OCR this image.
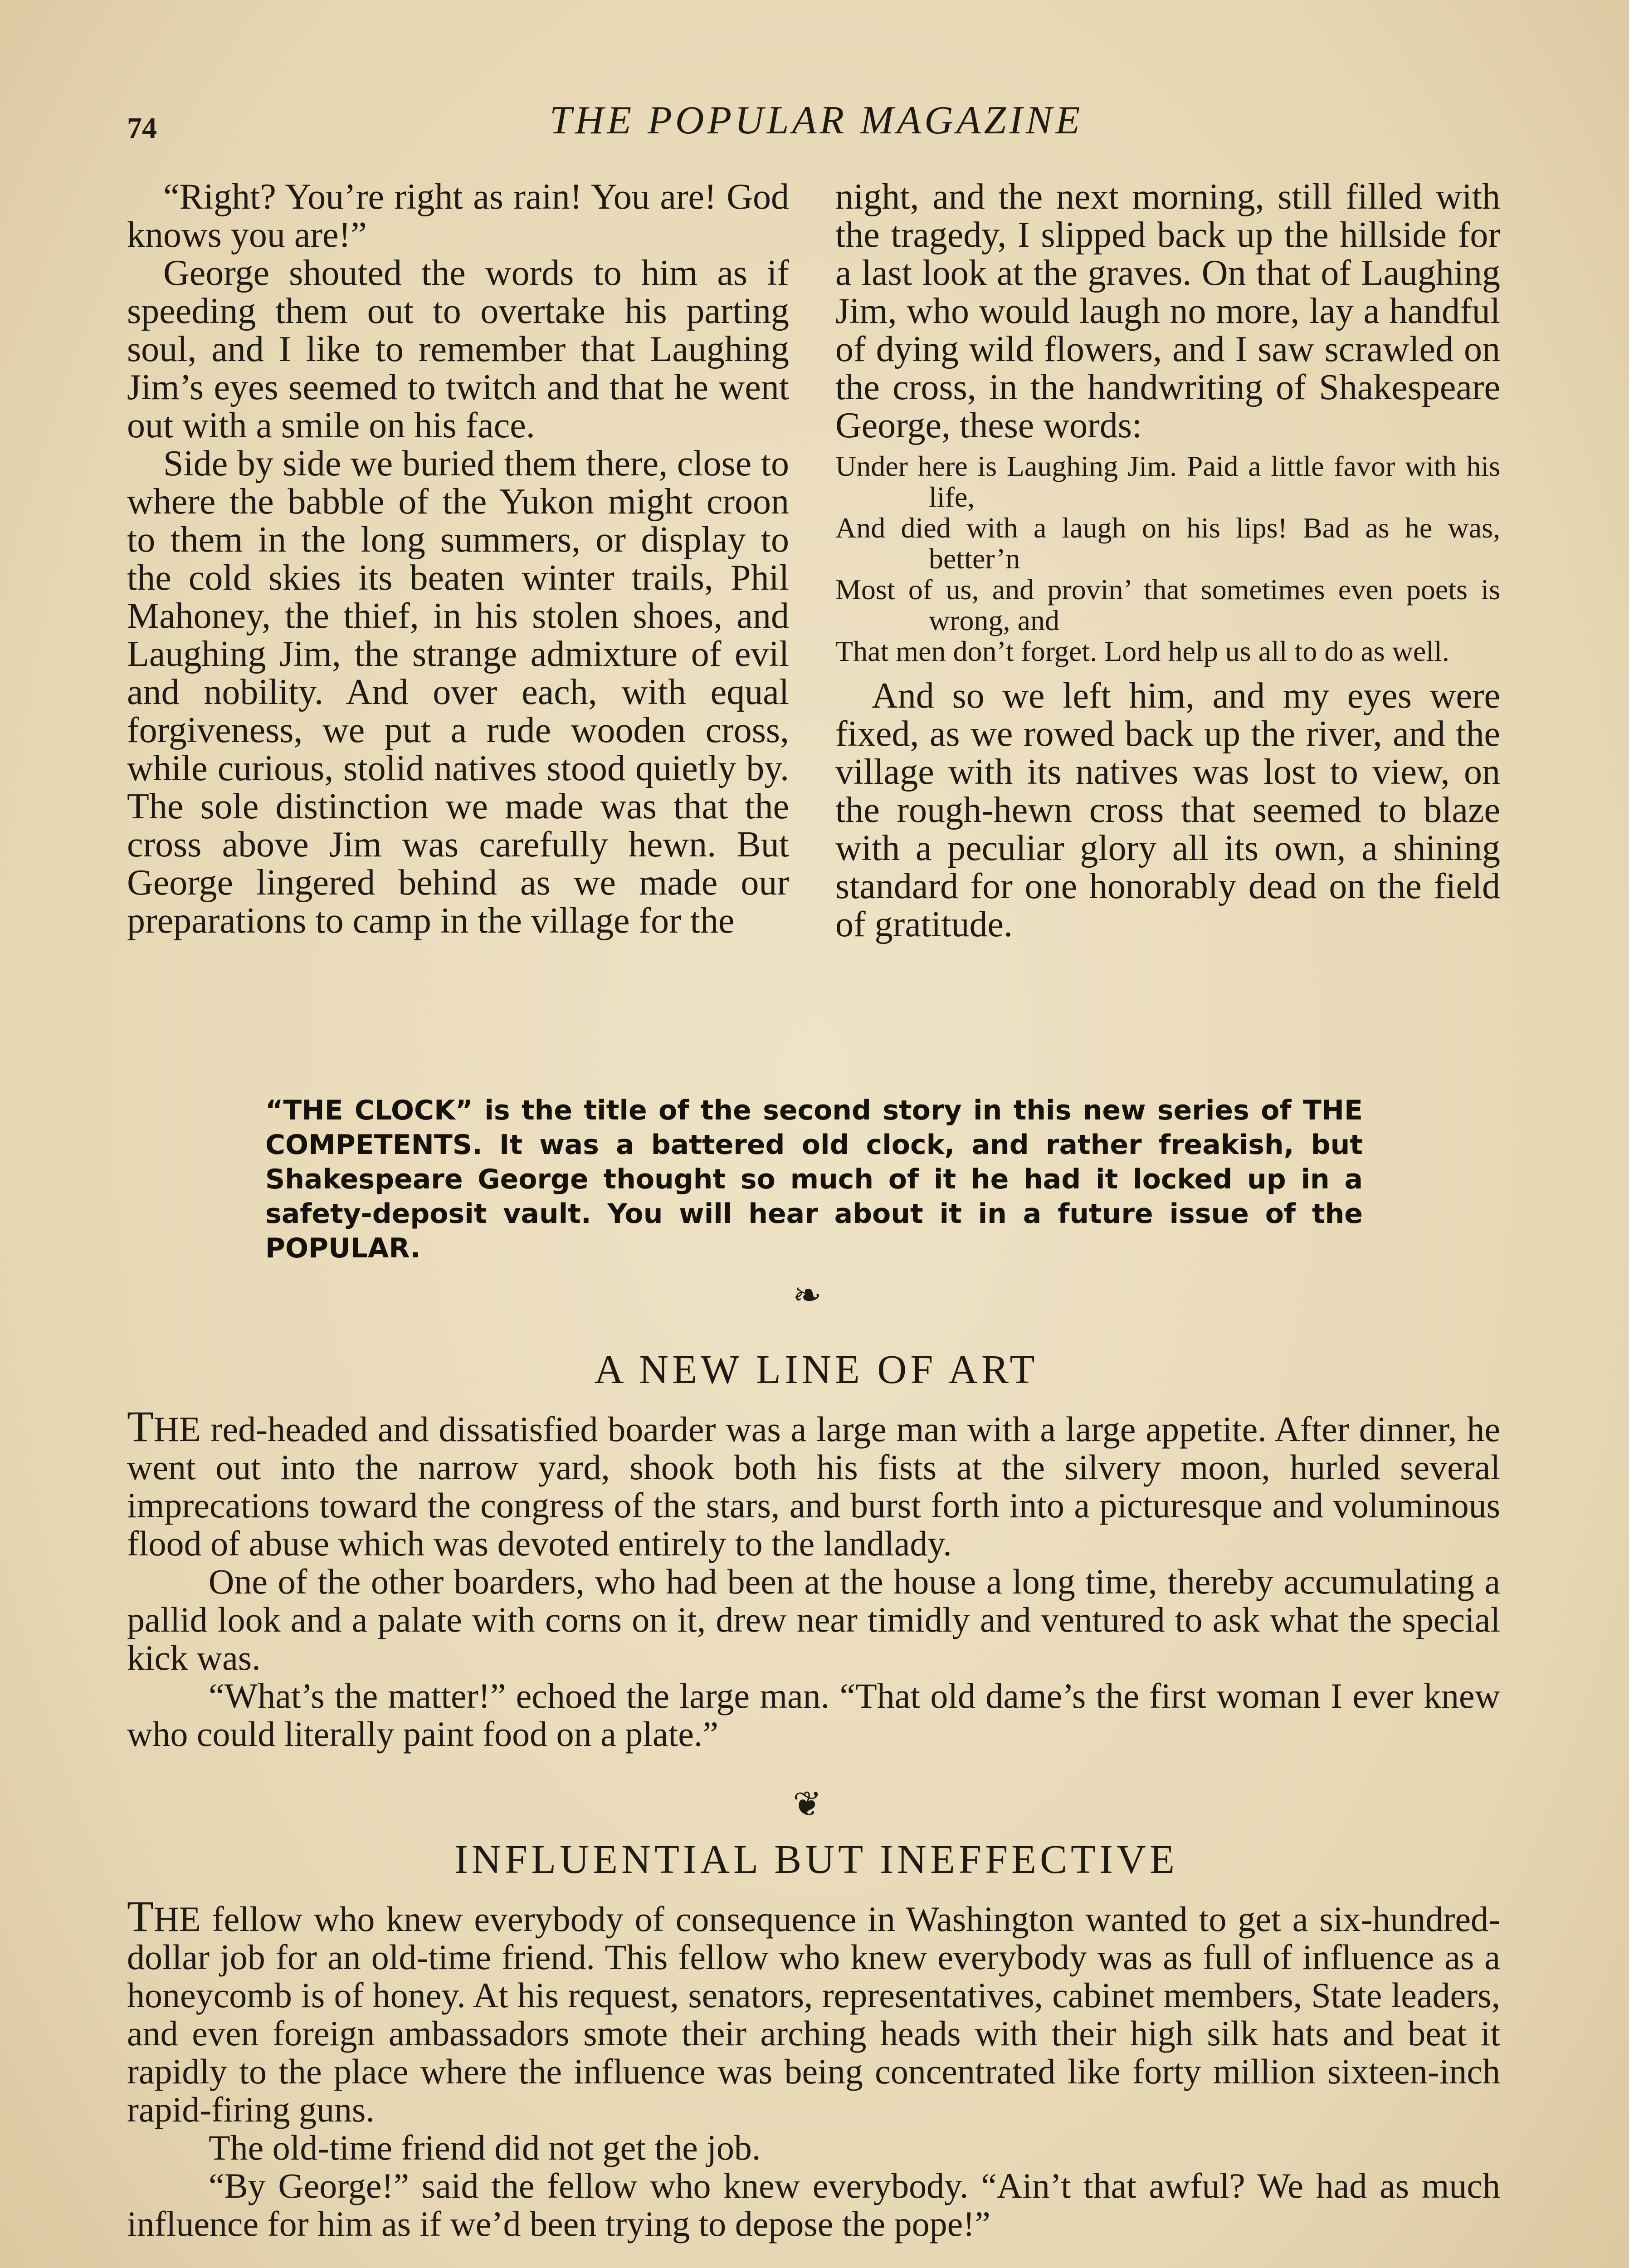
74	THE POPULAR MAGAZINE

“Right? You’re right as rain! You are! God knows you are!”

George shouted the words to him as if speeding them out to overtake his parting soul, and I like to remember that Laughing Jim’s eyes seemed to twitch and that he went out with a smile on his face.

Side by side we buried them there, close to where the babble of the Yukon might croon to them in the long summers, or display to the cold skies its beaten winter trails, Phil Mahoney, the thief, in his stolen shoes, and Laughing Jim, the strange admixture of evil and nobility. And over each, with equal forgiveness, we put a rude wooden cross, while curious, stolid natives stood quietly by. The sole distinction we made was that the cross above Jim was carefully hewn. But George lingered behind as we made our preparations to camp in the village for the

night, and the next morning, still filled with the tragedy, I slipped back up the hillside for a last look at the graves. On that of Laughing Jim, who would laugh no more, lay a handful of dying wild flowers, and I saw scrawled on the cross, in the handwriting of Shakespeare George, these words:

Under here is Laughing Jim. Paid a little favor with his life,
And died with a laugh on his lips! Bad as he was, better’n
Most of us, and provin’ that sometimes even poets is wrong, and
That men don’t forget. Lord help us all to do as well.

And so we left him, and my eyes were fixed, as we rowed back up the river, and the village with its natives was lost to view, on the rough-hewn cross that seemed to blaze with a peculiar glory all its own, a shining standard for one honorably dead on the field of gratitude.

“THE CLOCK” is the title of the second story in this new series of THE COMPETENTS. It was a battered old clock, and rather freakish, but Shakespeare George thought so much of it he had it locked up in a safety-deposit vault. You will hear about it in a future issue of the POPULAR.
❧
A NEW LINE OF ART

THE red-headed and dissatisfied boarder was a large man with a large appetite. After dinner, he went out into the narrow yard, shook both his fists at the silvery moon, hurled several imprecations toward the congress of the stars, and burst forth into a picturesque and voluminous flood of abuse which was devoted entirely to the landlady.

One of the other boarders, who had been at the house a long time, thereby accumulating a pallid look and a palate with corns on it, drew near timidly and ventured to ask what the special kick was.

“What’s the matter!” echoed the large man. “That old dame’s the first woman I ever knew who could literally paint food on a plate.”

❦
INFLUENTIAL BUT INEFFECTIVE

THE fellow who knew everybody of consequence in Washington wanted to get a six-hundred-dollar job for an old-time friend. This fellow who knew everybody was as full of influence as a honeycomb is of honey. At his request, senators, representatives, cabinet members, State leaders, and even foreign ambassadors smote their arching heads with their high silk hats and beat it rapidly to the place where the influence was being concentrated like forty million sixteen-inch rapid-firing guns.

The old-time friend did not get the job.

“By George!” said the fellow who knew everybody. “Ain’t that awful? We had as much influence for him as if we’d been trying to depose the pope!”
